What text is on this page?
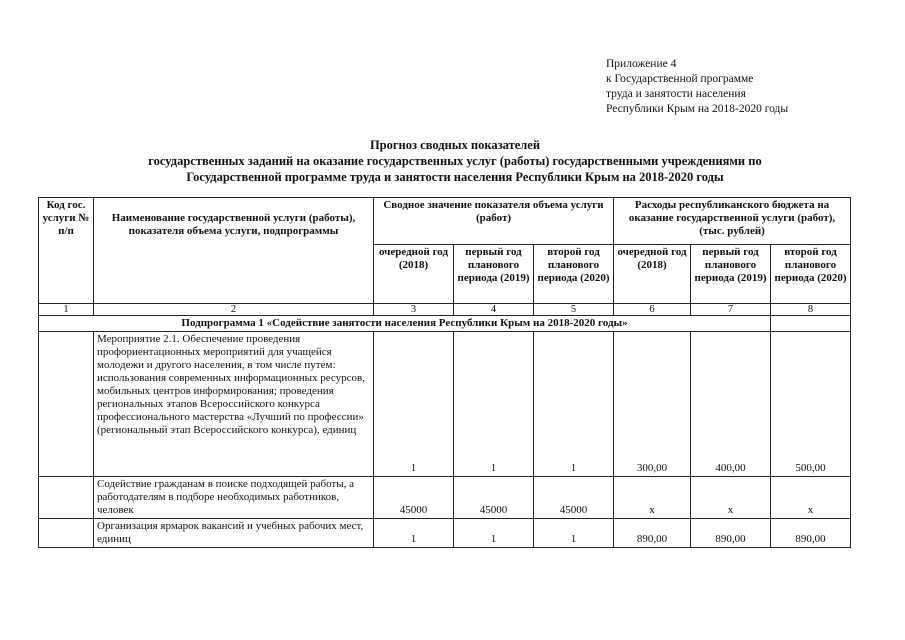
Приложение 4
к Государственной программе
труда и занятости населения
Республики Крым на 2018-2020 годы
Прогноз сводных показателей
государственных заданий на оказание государственных услуг (работы) государственными учреждениями по
Государственной программе труда и занятости населения Республики Крым на 2018-2020 годы
Код гос. услуги № п/п	Наименование государственной услуги (работы), показателя объема услуги, подпрограммы	Сводное значение показателя объема услуги (работ)			Расходы республиканского бюджета на оказание государственной услуги (работ), (тыс. рублей)		
		очередной год (2018)	первый год планового периода (2019)	второй год планового периода (2020)	очередной год (2018)	первый год планового периода (2019)	второй год планового периода (2020)
1	2	3	4	5	6	7	8
Подпрограмма 1 «Содействие занятости населения Республики Крым на 2018-2020 годы»							
	Мероприятие 2.1. Обеспечение проведения профориентационных мероприятий для учащейся молодежи и другого населения, в том числе путем: использования современных информационных ресурсов, мобильных центров информирования; проведения региональных этапов Всероссийского конкурса профессионального мастерства «Лучший по профессии» (региональный этап Всероссийского конкурса), единиц	1	1	1	300,00	400,00	500,00
	Содействие гражданам в поиске подходящей работы, а работодателям в подборе необходимых работников, человек	45000	45000	45000	x	x	x
	Организация ярмарок вакансий и учебных рабочих мест, единиц	1	1	1	890,00	890,00	890,00
